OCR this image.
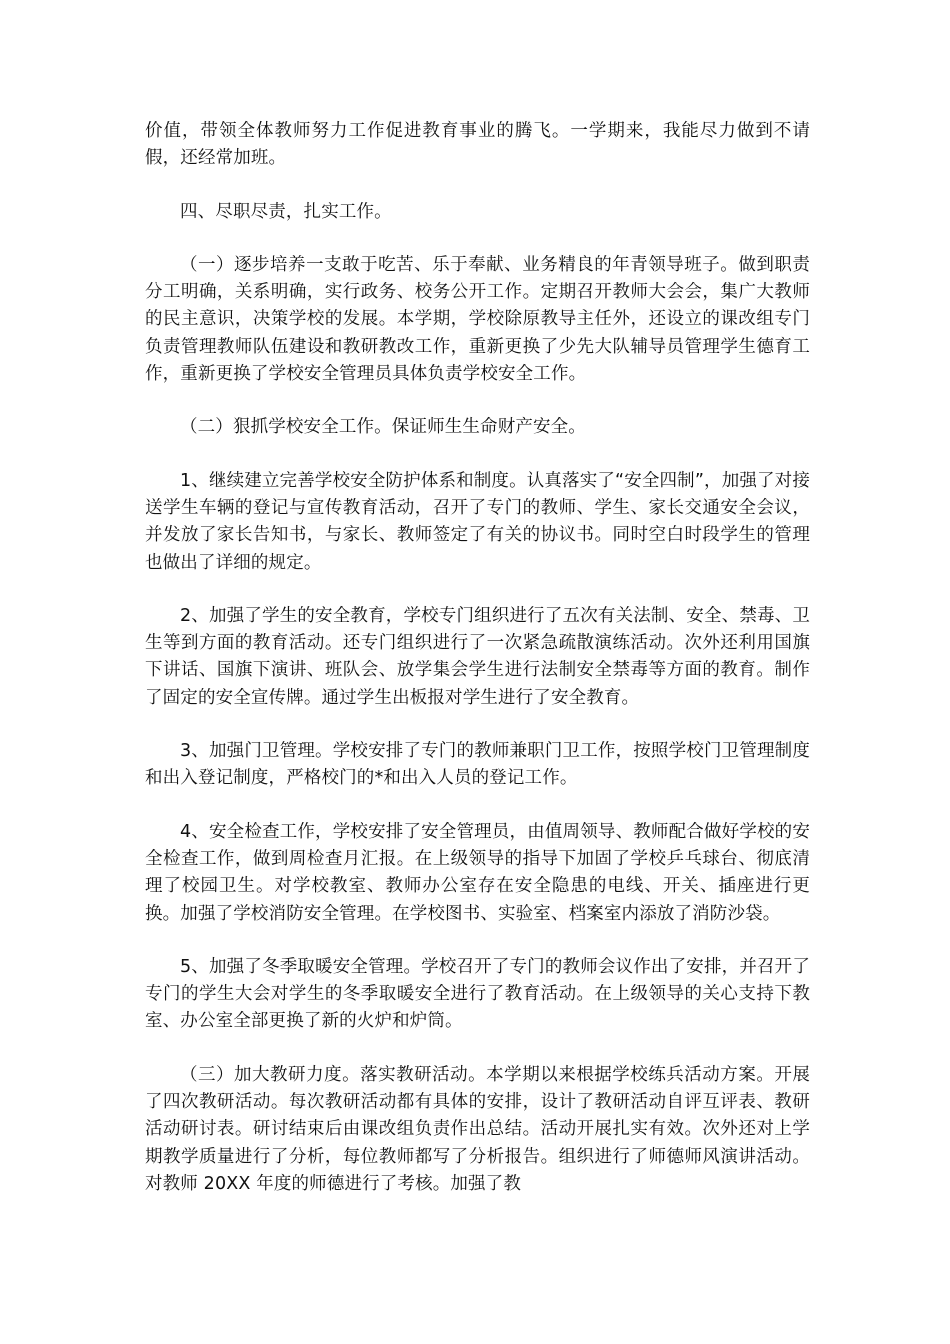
价值，带领全体教师努力工作促进教育事业的腾飞。一学期来，我能尽力做到不请假，还经常加班。

四、尽职尽责，扎实工作。

（一）逐步培养一支敢于吃苦、乐于奉献、业务精良的年青领导班子。做到职责分工明确，关系明确，实行政务、校务公开工作。定期召开教师大会会，集广大教师的民主意识，决策学校的发展。本学期，学校除原教导主任外，还设立的课改组专门负责管理教师队伍建设和教研教改工作，重新更换了少先大队辅导员管理学生德育工作，重新更换了学校安全管理员具体负责学校安全工作。

（二）狠抓学校安全工作。保证师生生命财产安全。

1、继续建立完善学校安全防护体系和制度。认真落实了“安全四制”，加强了对接送学生车辆的登记与宣传教育活动，召开了专门的教师、学生、家长交通安全会议，并发放了家长告知书，与家长、教师签定了有关的协议书。同时空白时段学生的管理也做出了详细的规定。

2、加强了学生的安全教育，学校专门组织进行了五次有关法制、安全、禁毒、卫生等到方面的教育活动。还专门组织进行了一次紧急疏散演练活动。次外还利用国旗下讲话、国旗下演讲、班队会、放学集会学生进行法制安全禁毒等方面的教育。制作了固定的安全宣传牌。通过学生出板报对学生进行了安全教育。

3、加强门卫管理。学校安排了专门的教师兼职门卫工作，按照学校门卫管理制度和出入登记制度，严格校门的*和出入人员的登记工作。

4、安全检查工作，学校安排了安全管理员，由值周领导、教师配合做好学校的安全检查工作，做到周检查月汇报。在上级领导的指导下加固了学校乒乓球台、彻底清理了校园卫生。对学校教室、教师办公室存在安全隐患的电线、开关、插座进行更换。加强了学校消防安全管理。在学校图书、实验室、档案室内添放了消防沙袋。

5、加强了冬季取暖安全管理。学校召开了专门的教师会议作出了安排，并召开了专门的学生大会对学生的冬季取暖安全进行了教育活动。在上级领导的关心支持下教室、办公室全部更换了新的火炉和炉筒。

（三）加大教研力度。落实教研活动。本学期以来根据学校练兵活动方案。开展了四次教研活动。每次教研活动都有具体的安排，设计了教研活动自评互评表、教研活动研讨表。研讨结束后由课改组负责作出总结。活动开展扎实有效。次外还对上学期教学质量进行了分析，每位教师都写了分析报告。组织进行了师德师风演讲活动。对教师 20XX 年度的师德进行了考核。加强了教
